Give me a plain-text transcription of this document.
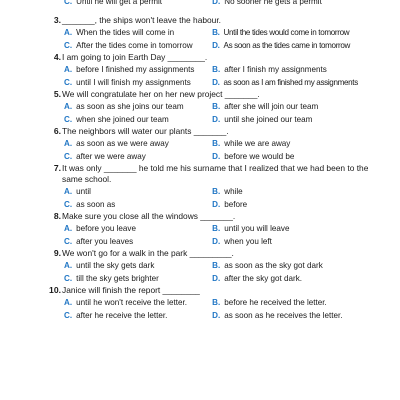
C. Until he will get a permit	D. No sooner he gets a permit
3. _______, the ships won't leave the habour.
A. When the tides will come in	B. Until the tides would come in tomorrow
C. After the tides come in tomorrow D. As soon as the tides came in tomorrow
4. I am going to join Earth Day ________.
A. before I finished my assignments B. after I finish my assignments
C. until I will finish my assignments	D. as soon as I am finished my assignments
5. We will congratulate her on her new project _______.
A. as soon as she joins our team	B. after she will join our team
C. when she joined our team	D. until she joined our team
6. The neighbors will water our plants _______.
A. as soon as we were away	B. while we are away
C. after we were away	D. before we would be
7. It was only _______ he told me his surname that I realized that we had been to the same school.
A. until	B. while
C. as soon as	D. before
8. Make sure you close all the windows _______.
A. before you leave	B. until you will leave
C. after you leaves	D. when you left
9. We won't go for a walk in the park _________.
A. until the sky gets dark	B. as soon as the sky got dark
C. till the sky gets brighter	D. after the sky got dark.
10. Janice will finish the report ________
A. until he won't receive the letter.	B. before he received the letter.
C. after he receive the letter.	D. as soon as he receives the letter.
